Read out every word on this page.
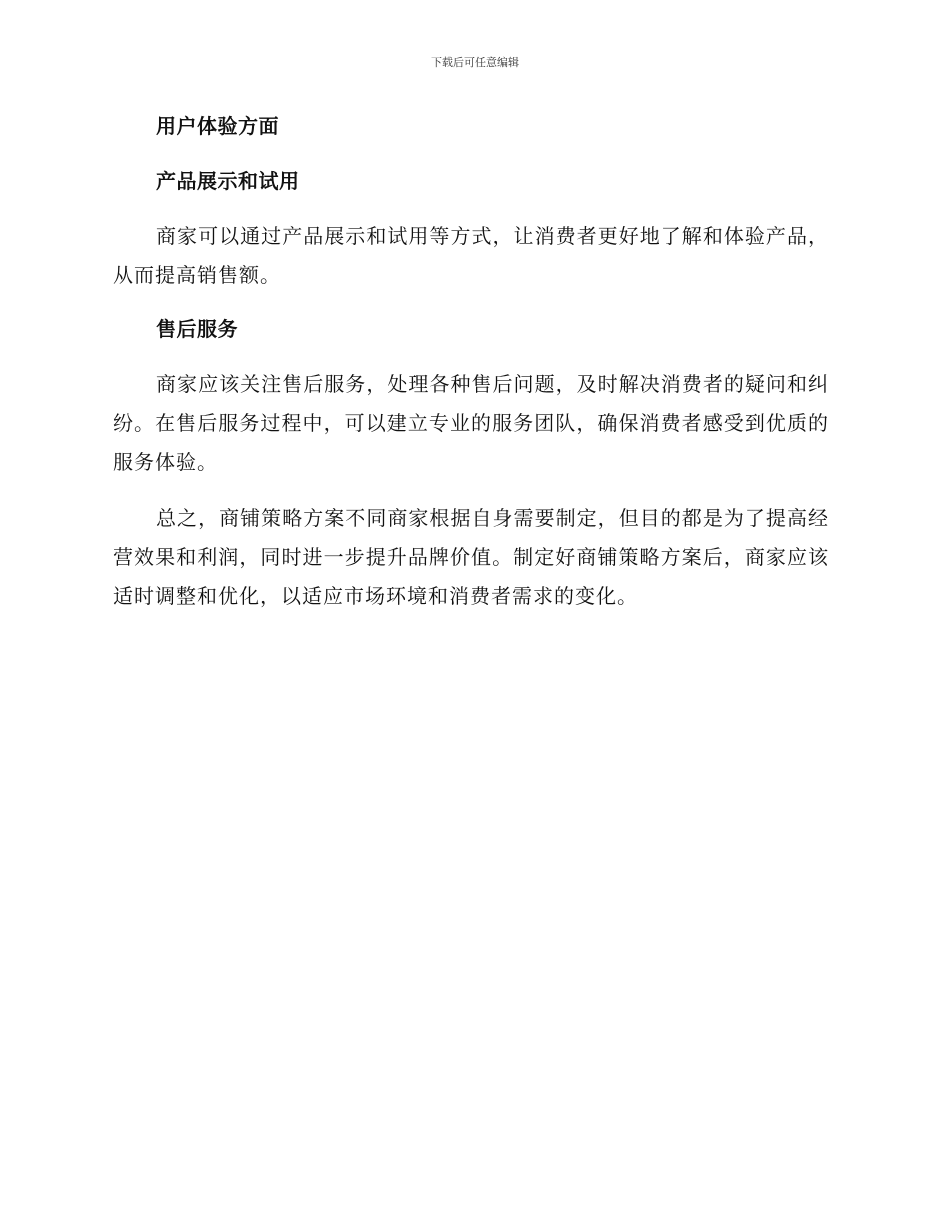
下载后可任意编辑
用户体验方面
产品展示和试用

商家可以通过产品展示和试用等方式，让消费者更好地了解和体验产品，从而提高销售额。

售后服务

商家应该关注售后服务，处理各种售后问题，及时解决消费者的疑问和纠纷。在售后服务过程中，可以建立专业的服务团队，确保消费者感受到优质的服务体验。

总之，商铺策略方案不同商家根据自身需要制定，但目的都是为了提高经营效果和利润，同时进一步提升品牌价值。制定好商铺策略方案后，商家应该适时调整和优化，以适应市场环境和消费者需求的变化。
